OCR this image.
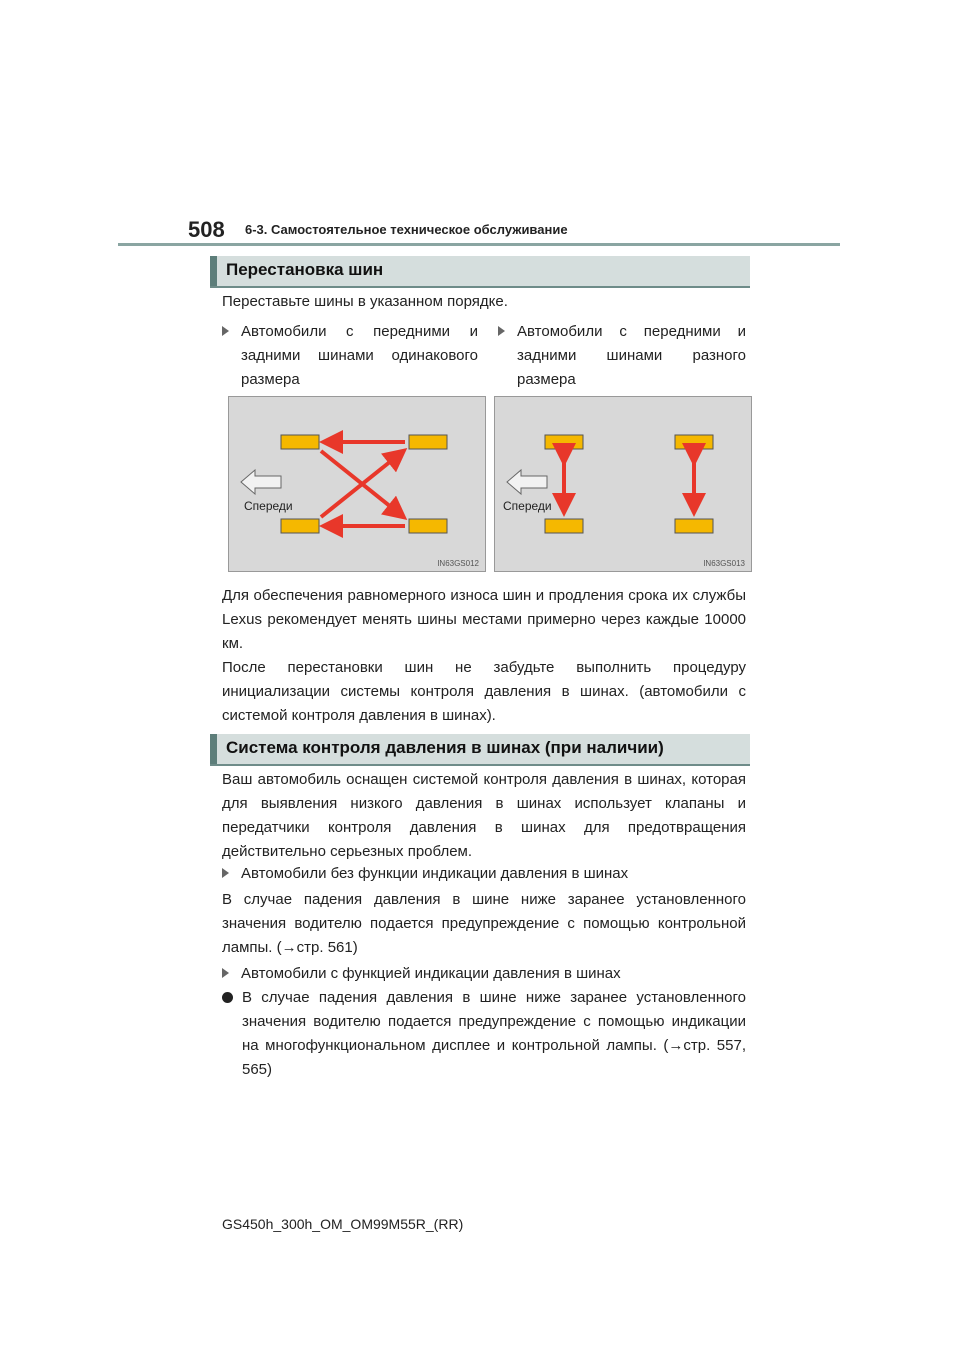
508 6-3. Самостоятельное техническое обслуживание
Перестановка шин
Переставьте шины в указанном порядке.
Автомобили с передними и задними шинами одинакового размера
Автомобили с передними и задними шинами разного размера
Спереди
IN63GS012
Спереди
IN63GS013
Для обеспечения равномерного износа шин и продления срока их службы Lexus рекомендует менять шины местами примерно через каждые 10000 км.
После перестановки шин не забудьте выполнить процедуру инициализации системы контроля давления в шинах. (автомобили с системой контроля давления в шинах).
Система контроля давления в шинах (при наличии)
Ваш автомобиль оснащен системой контроля давления в шинах, которая для выявления низкого давления в шинах использует клапаны и передатчики контроля давления в шинах для предотвращения действительно серьезных проблем.
Автомобили без функции индикации давления в шинах
В случае падения давления в шине ниже заранее установленного значения водителю подается предупреждение с помощью контрольной лампы. (→стр. 561)
Автомобили с функцией индикации давления в шинах
В случае падения давления в шине ниже заранее установленного значения водителю подается предупреждение с помощью индикации на многофункциональном дисплее и контрольной лампы. (→стр. 557, 565)
GS450h_300h_OM_OM99M55R_(RR)
